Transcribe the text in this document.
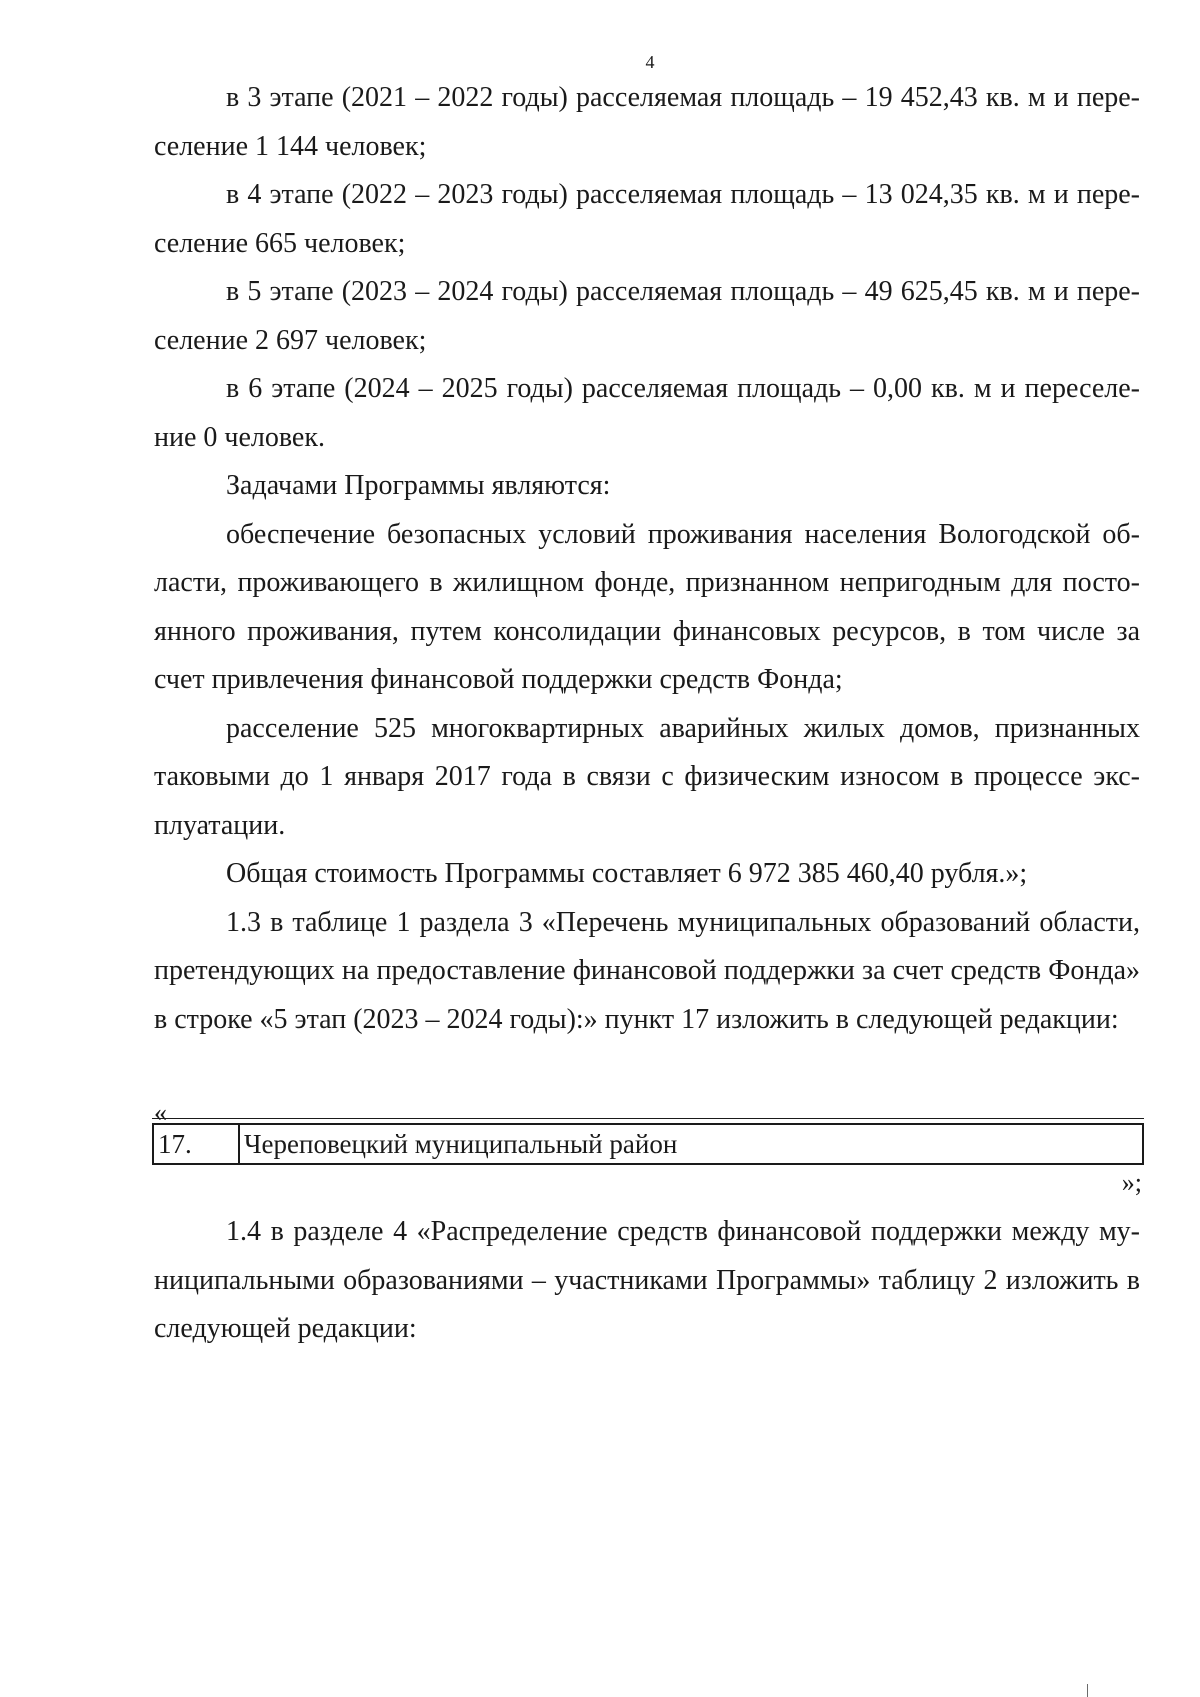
4

в 3 этапе (2021 – 2022 годы) расселяемая площадь – 19 452,43 кв. м и переселение 1 144 человек;

в 4 этапе (2022 – 2023 годы) расселяемая площадь – 13 024,35 кв. м и переселение 665 человек;

в 5 этапе (2023 – 2024 годы) расселяемая площадь – 49 625,45 кв. м и переселение 2 697 человек;

в 6 этапе (2024 – 2025 годы) расселяемая площадь – 0,00 кв. м и переселение 0 человек.

Задачами Программы являются:

обеспечение безопасных условий проживания населения Вологодской области, проживающего в жилищном фонде, признанном непригодным для постоянного проживания, путем консолидации финансовых ресурсов, в том числе за счет привлечения финансовой поддержки средств Фонда;

расселение 525 многоквартирных аварийных жилых домов, признанных таковыми до 1 января 2017 года в связи с физическим износом в процессе эксплуатации.

Общая стоимость Программы составляет 6 972 385 460,40 рубля.»;

1.3 в таблице 1 раздела 3 «Перечень муниципальных образований области, претендующих на предоставление финансовой поддержки за счет средств Фонда» в строке «5 этап (2023 – 2024 годы):» пункт 17 изложить в следующей редакции:

«
17.	Череповецкий муниципальный район
»;

1.4 в разделе 4 «Распределение средств финансовой поддержки между муниципальными образованиями – участниками Программы» таблицу 2 изложить в следующей редакции:
